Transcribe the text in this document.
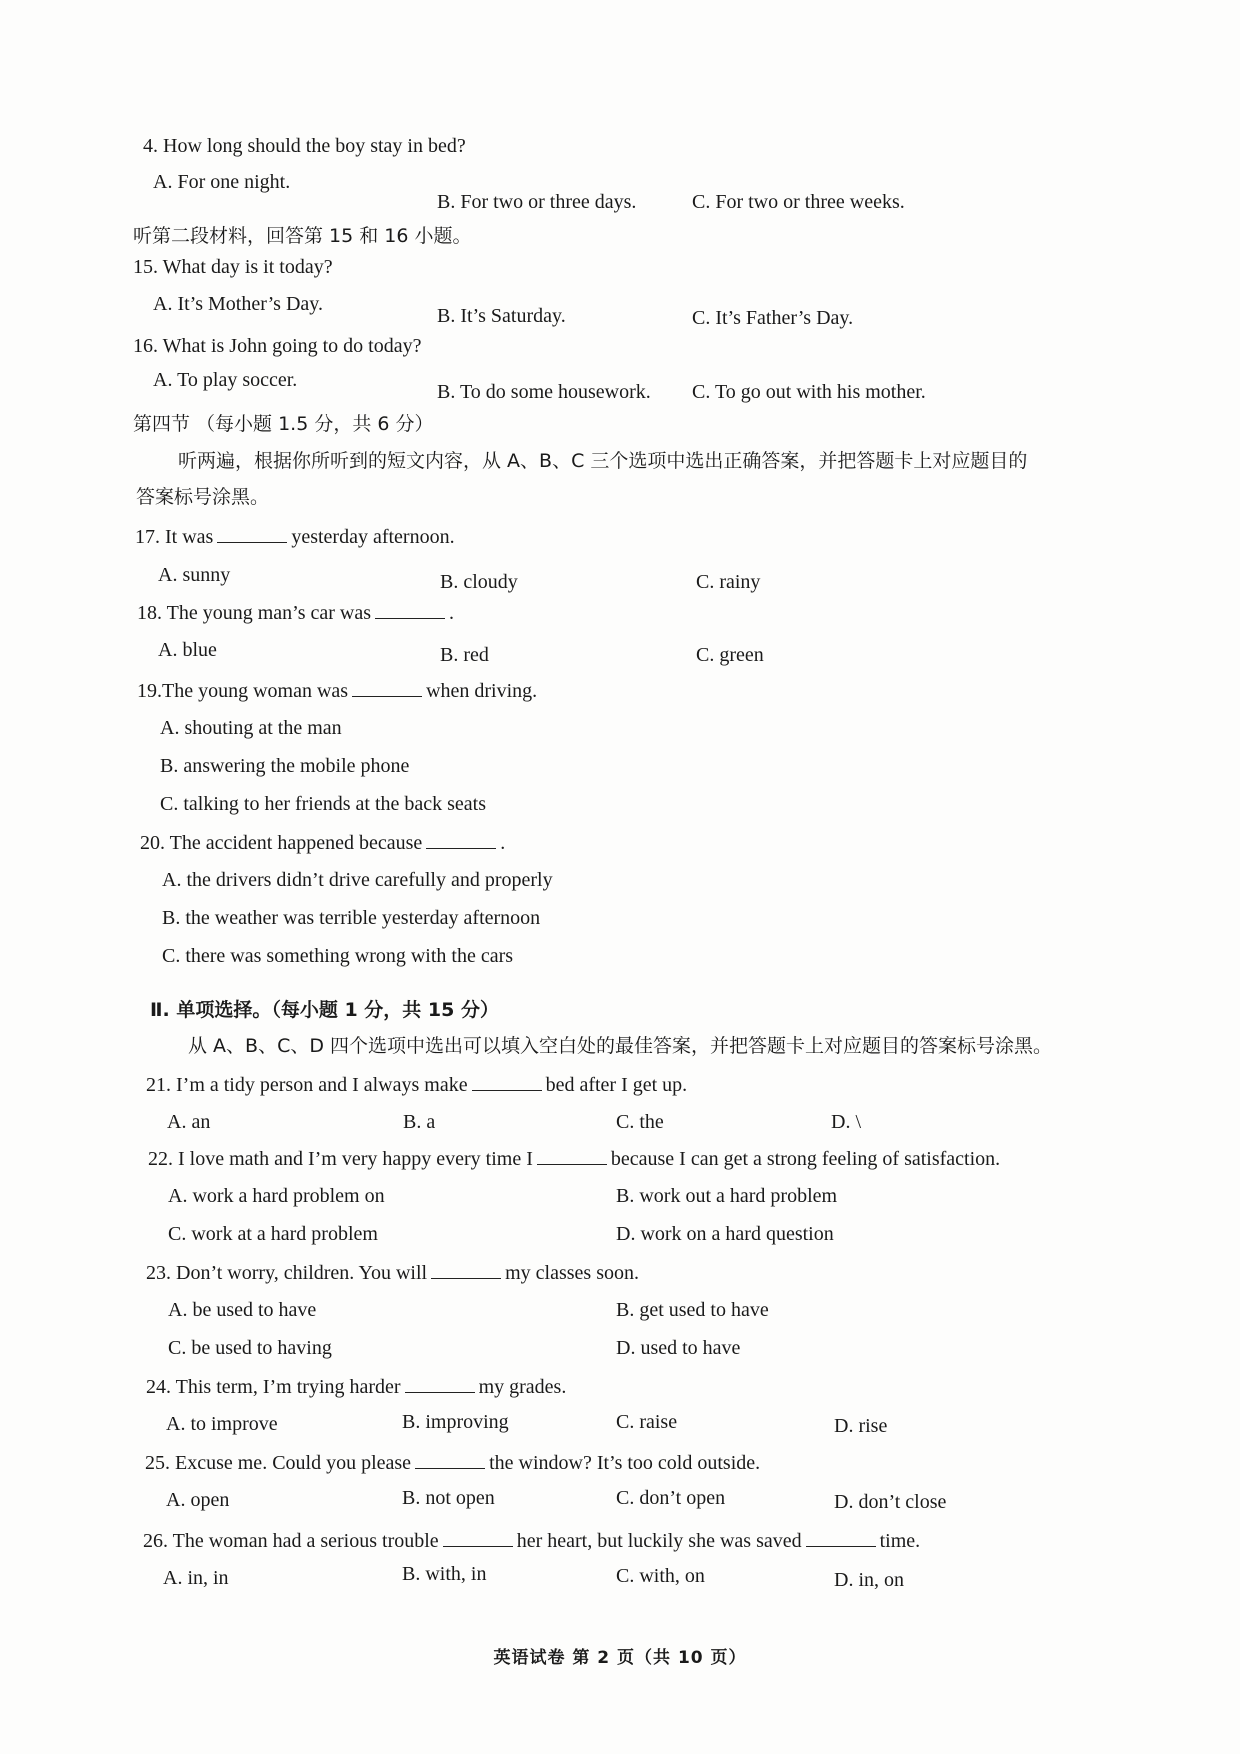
4. How long should the boy stay in bed?
A. For one night.
B. For two or three days.	C. For two or three weeks.
听第二段材料，回答第 15 和 16 小题。
15. What day is it today?
A. It’s Mother’s Day.
B. It’s Saturday.	C. It’s Father’s Day.
16. What is John going to do today?
A. To play soccer.
B. To do some housework. C. To go out with his mother.
第四节 （每小题 1.5 分，共 6 分）
听两遍，根据你所听到的短文内容，从 A、B、C 三个选项中选出正确答案，并把答题卡上对应题目的
答案标号涂黑。
17. It was	yesterday afternoon.
A. sunny	B. cloudy	C. rainy
18. The young man’s car was	.
A. blue	B. red	C. green
19.The young woman was	when driving.
A. shouting at the man
B. answering the mobile phone
C. talking to her friends at the back seats
20. The accident happened because	.
A. the drivers didn’t drive carefully and properly
B. the weather was terrible yesterday afternoon
C. there was something wrong with the cars
Ⅱ. 单项选择。（每小题 1 分，共 15 分）
从 A、B、C、D 四个选项中选出可以填入空白处的最佳答案，并把答题卡上对应题目的答案标号涂黑。
21. I’m a tidy person and I always make	bed after I get up.
A. an	B. a	C. the	D. \
22. I love math and I’m very happy every time I	because I can get a strong feeling of satisfaction.
A. work a hard problem on	B. work out a hard problem
C. work at a hard problem	D. work on a hard question
23. Don’t worry, children. You will	my classes soon.
A. be used to have	B. get used to have
C. be used to having	D. used to have
24. This term, I’m trying harder	my grades.
A. to improve	B. improving	C. raise	D. rise
25. Excuse me. Could you please	the window? It’s too cold outside.
A. open	B. not open	C. don’t open	D. don’t close
26. The woman had a serious trouble	her heart, but luckily she was saved	time.
A. in, in	B. with, in	C. with, on	D. in, on
英语试卷 第 2 页（共 10 页）
